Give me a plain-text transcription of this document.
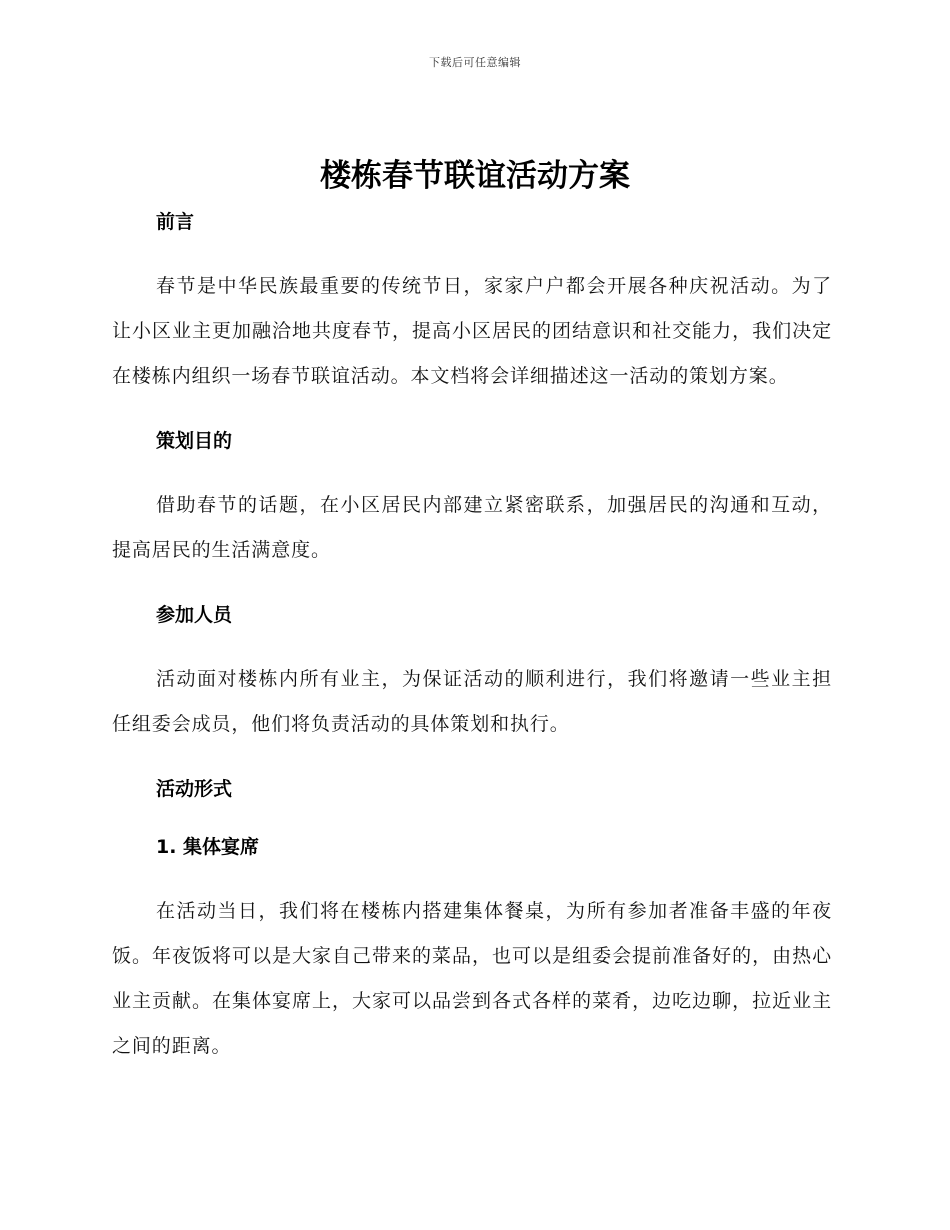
下载后可任意编辑
楼栋春节联谊活动方案
前言

春节是中华民族最重要的传统节日，家家户户都会开展各种庆祝活动。为了让小区业主更加融洽地共度春节，提高小区居民的团结意识和社交能力，我们决定在楼栋内组织一场春节联谊活动。本文档将会详细描述这一活动的策划方案。

策划目的

借助春节的话题，在小区居民内部建立紧密联系，加强居民的沟通和互动，提高居民的生活满意度。

参加人员

活动面对楼栋内所有业主，为保证活动的顺利进行，我们将邀请一些业主担任组委会成员，他们将负责活动的具体策划和执行。

活动形式
1. 集体宴席

在活动当日，我们将在楼栋内搭建集体餐桌，为所有参加者准备丰盛的年夜饭。年夜饭将可以是大家自己带来的菜品，也可以是组委会提前准备好的，由热心业主贡献。在集体宴席上，大家可以品尝到各式各样的菜肴，边吃边聊，拉近业主之间的距离。
